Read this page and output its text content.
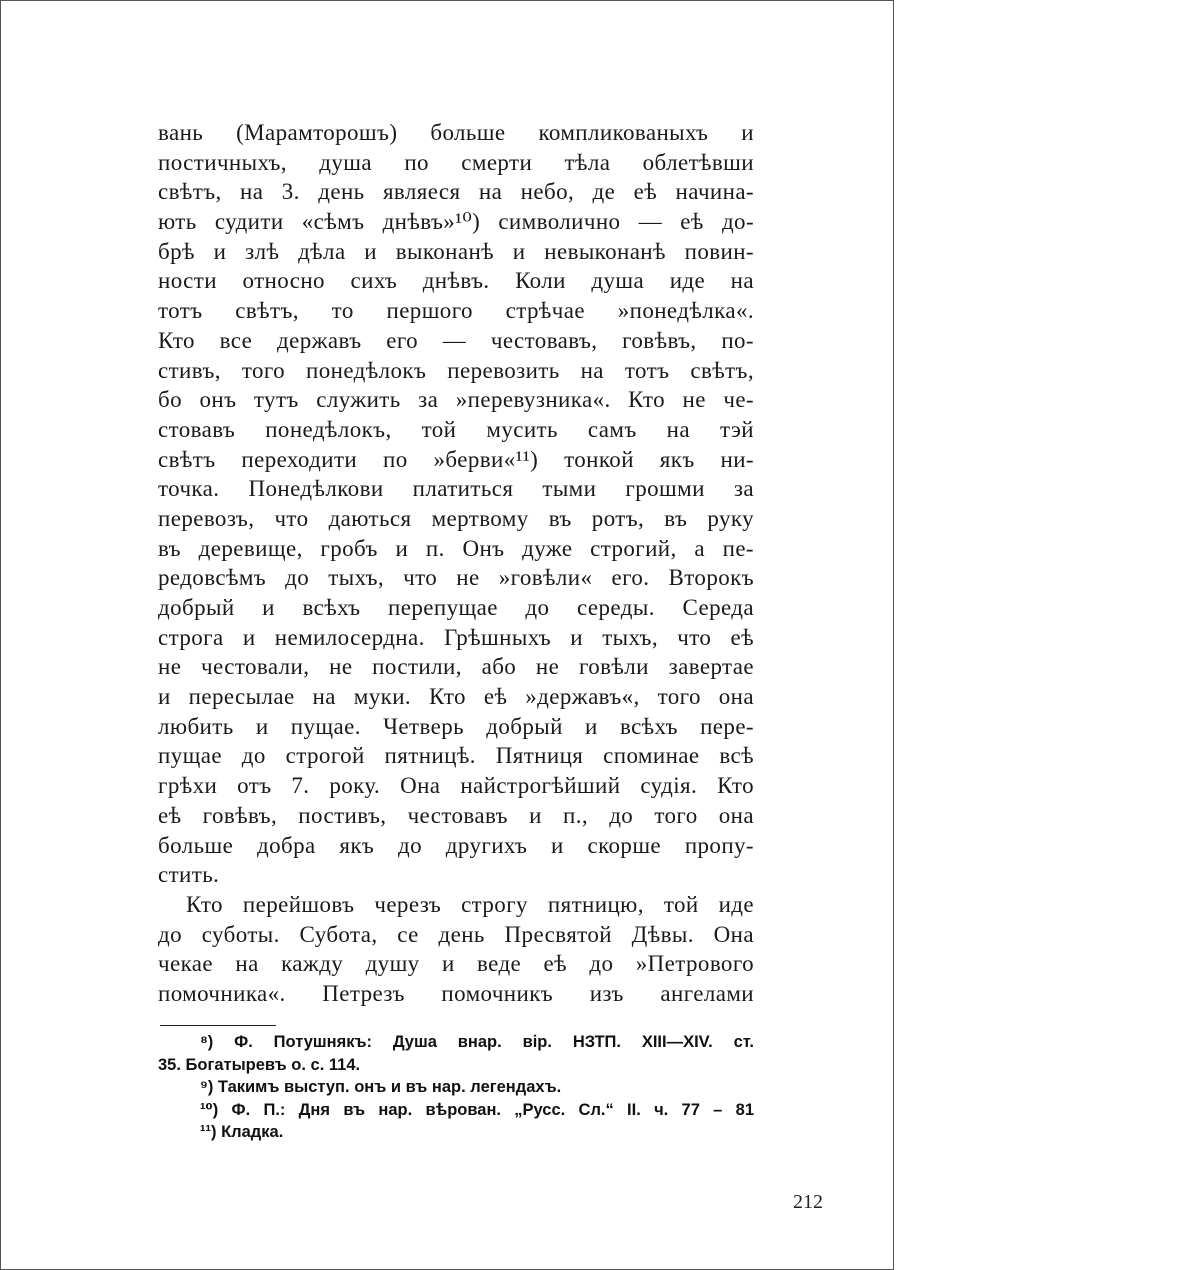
вань (Марамторошъ) больше компликованыхъ и
постичныхъ, душа по смерти тѣла облетѣвши
свѣтъ, на 3. день являеся на небо, де еѣ начина-
ють судити «сѣмъ днѣвъ»¹⁰) символично — еѣ до-
брѣ и злѣ дѣла и выконанѣ и невыконанѣ повин-
ности относно сихъ днѣвъ. Коли душа иде на
тотъ свѣтъ, то першого стрѣчае »понедѣлка«.
Кто все державъ его — честовавъ, говѣвъ, по-
стивъ, того понедѣлокъ перевозить на тотъ свѣтъ,
бо онъ тутъ служить за »перевузника«. Кто не че-
стовавъ понедѣлокъ, той мусить самъ на тэй
свѣтъ переходити по »берви«¹¹) тонкой якъ ни-
точка. Понедѣлкови платиться тыми грошми за
перевозъ, что даються мертвому въ ротъ, въ руку
въ деревище, гробъ и п. Онъ дуже строгий, а пе-
редовсѣмъ до тыхъ, что не »говѣли« его. Второкъ
добрый и всѣхъ перепущае до середы. Середа
строга и немилосердна. Грѣшныхъ и тыхъ, что еѣ
не честовали, не постили, або не говѣли завертае
и пересылае на муки. Кто еѣ »державъ«, того она
любить и пущае. Четверь добрый и всѣхъ пере-
пущае до строгой пятницѣ. Пятниця споминае всѣ
грѣхи отъ 7. року. Она найстрогѣйший судія. Кто
еѣ говѣвъ, постивъ, честовавъ и п., до того она
больше добра якъ до другихъ и скорше пропу-
стить.
Кто перейшовъ черезъ строгу пятницю, той иде
до суботы. Субота, се день Пресвятой Дѣвы. Она
чекае на кажду душу и веде еѣ до »Петрового
помочника«. Петрезъ помочникъ изъ ангелами
⁸) Ф. Потушнякъ: Душа внар. вір. НЗТП. XIII—XIV. ст.
35. Богатыревъ о. с. 114.
⁹) Такимъ выступ. онъ и въ нар. легендахъ.
¹⁰) Ф. П.: Дня въ нар. вѣрован. „Русс. Сл.“ II. ч. 77 – 81
¹¹) Кладка.
212
